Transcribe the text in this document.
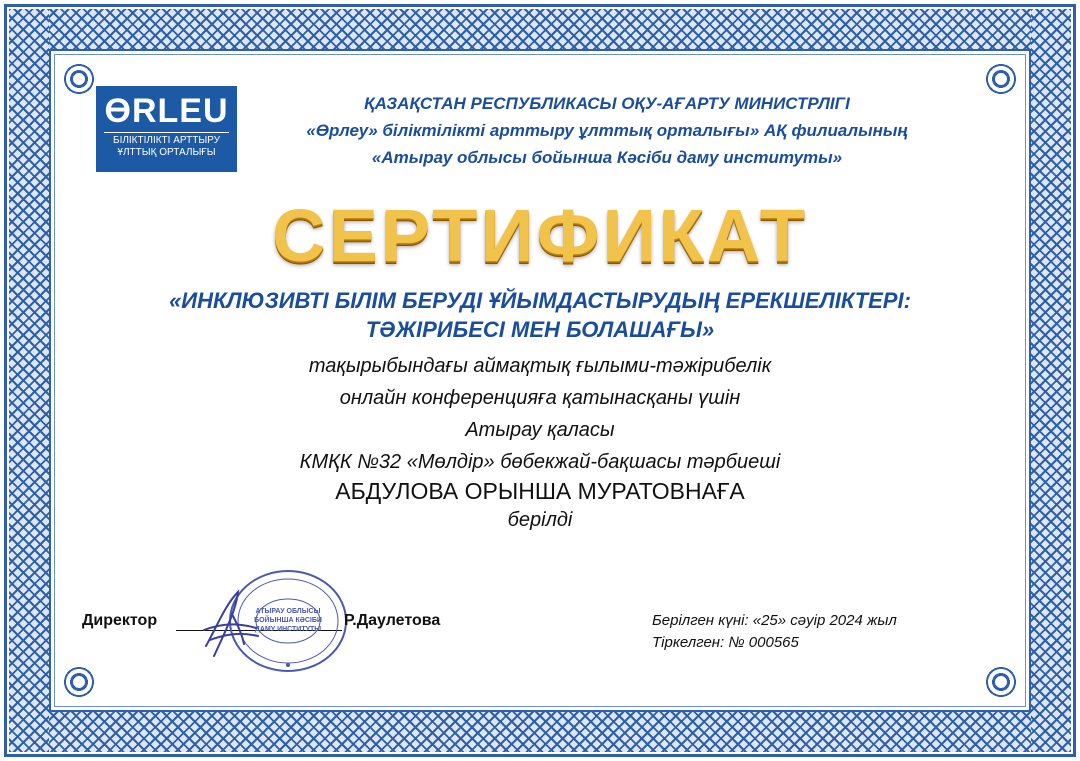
ӨRLEU
БІЛІКТІЛІКТІ АРТТЫРУ
ҰЛТТЫҚ ОРТАЛЫҒЫ
ҚАЗАҚСТАН РЕСПУБЛИКАСЫ ОҚУ-АҒАРТУ МИНИСТРЛІГІ
«Өрлеу» біліктілікті арттыру ұлттық орталығы» АҚ филиалының
«Атырау облысы бойынша Кәсіби даму институты»
СЕРТИФИКАТ
«ИНКЛЮЗИВТІ БІЛІМ БЕРУДІ ҰЙЫМДАСТЫРУДЫҢ ЕРЕКШЕЛІКТЕРІ:
ТӘЖІРИБЕСІ МЕН БОЛАШАҒЫ»
тақырыбындағы аймақтық ғылыми-тәжірибелік
онлайн конференцияға қатынасқаны үшін
Атырау қаласы
КМҚК №32 «Мөлдір» бөбекжай-бақшасы тәрбиеші
АБДУЛОВА ОРЫНША МУРАТОВНАҒА
берілді
Директор
АТЫРАУ ОБЛЫСЫ
БОЙЫНША КӘСІБИ
ДАМУ ИНСТИТУТЫ
Р.Даулетова	Берілген күні: «25» сәуір 2024 жыл
Тіркелген: № 000565
